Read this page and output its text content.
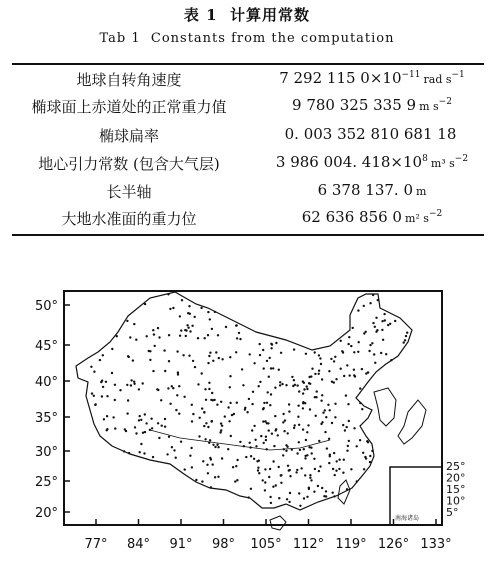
表 1 计算用常数
Tab 1 Constants from the computation
地球自转角速度	7 292 115 $0\times 10^{-11}$ rad $s^{-1}$
椭球面上赤道处的正常重力值	9 780 325 335 9 m $s^{-2}$
椭球扁率	0. 003 352 810 681 18
地心引力常数 (包含大气层)	3 986 004. $418\times 10^8$ m³ $s^{-2}$
长半轴	6 378 137. 0 m
大地水准面的重力位	62 636 856 0 m² $s^{-2}$
南海诸岛
50°
45°
40°
35°
30°
25°
20°
77° 84° 91° 98° 105° 112° 119° 126° 133°
25°
20°
15°
10°
5°
